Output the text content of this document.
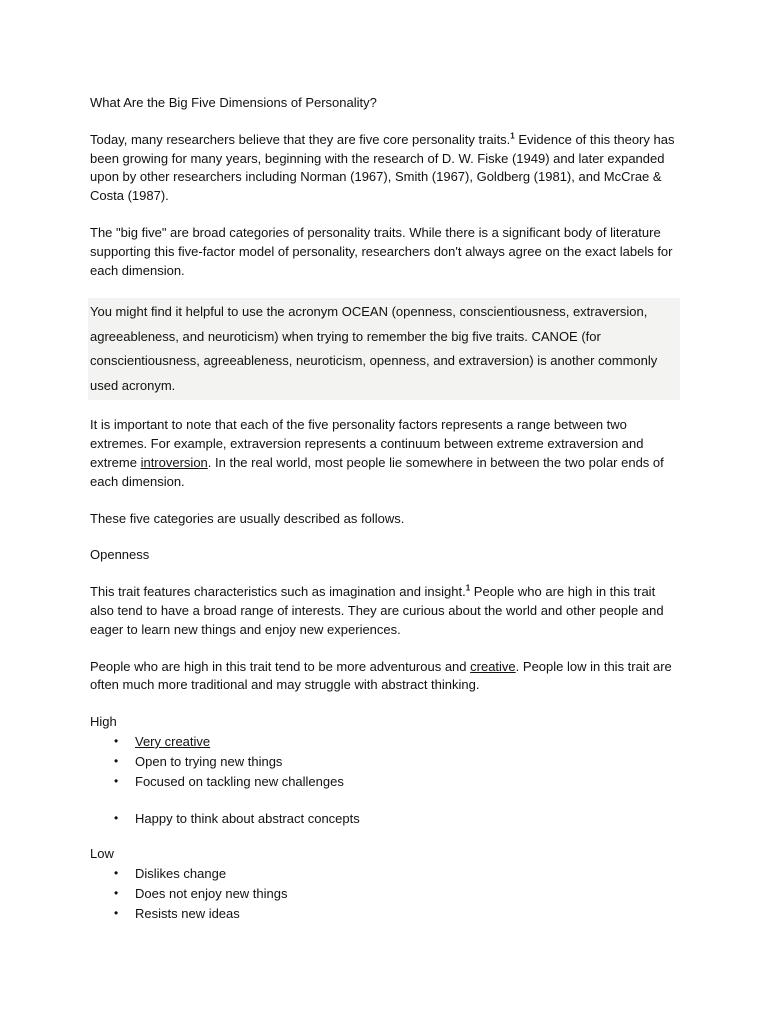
What Are the Big Five Dimensions of Personality?

Today, many researchers believe that they are five core personality traits.$^1$ Evidence of this theory has been growing for many years, beginning with the research of D. W. Fiske (1949) and later expanded upon by other researchers including Norman (1967), Smith (1967), Goldberg (1981), and McCrae & Costa (1987).

The "big five" are broad categories of personality traits. While there is a significant body of literature supporting this five-factor model of personality, researchers don't always agree on the exact labels for each dimension.

You might find it helpful to use the acronym OCEAN (openness, conscientiousness, extraversion, agreeableness, and neuroticism) when trying to remember the big five traits. CANOE (for conscientiousness, agreeableness, neuroticism, openness, and extraversion) is another commonly used acronym.

It is important to note that each of the five personality factors represents a range between two extremes. For example, extraversion represents a continuum between extreme extraversion and extreme introversion. In the real world, most people lie somewhere in between the two polar ends of each dimension.

These five categories are usually described as follows.

Openness

This trait features characteristics such as imagination and insight.$^1$ People who are high in this trait also tend to have a broad range of interests. They are curious about the world and other people and eager to learn new things and enjoy new experiences.

People who are high in this trait tend to be more adventurous and creative. People low in this trait are often much more traditional and may struggle with abstract thinking.

High

• Very creative
• Open to trying new things
• Focused on tackling new challenges
• Happy to think about abstract concepts

Low

• Dislikes change
• Does not enjoy new things
• Resists new ideas
